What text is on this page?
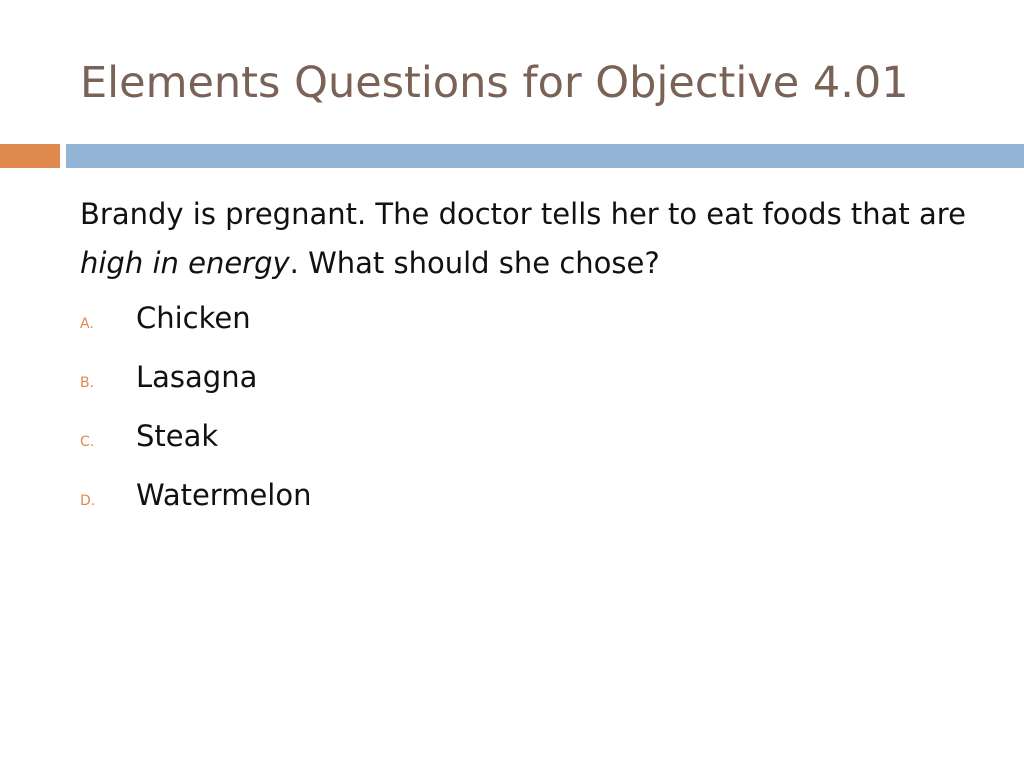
Elements Questions for Objective 4.01

Brandy is pregnant. The doctor tells her to eat foods that are high in energy. What should she chose?

A.	Chicken
B.	Lasagna
C.	Steak
D.	Watermelon
